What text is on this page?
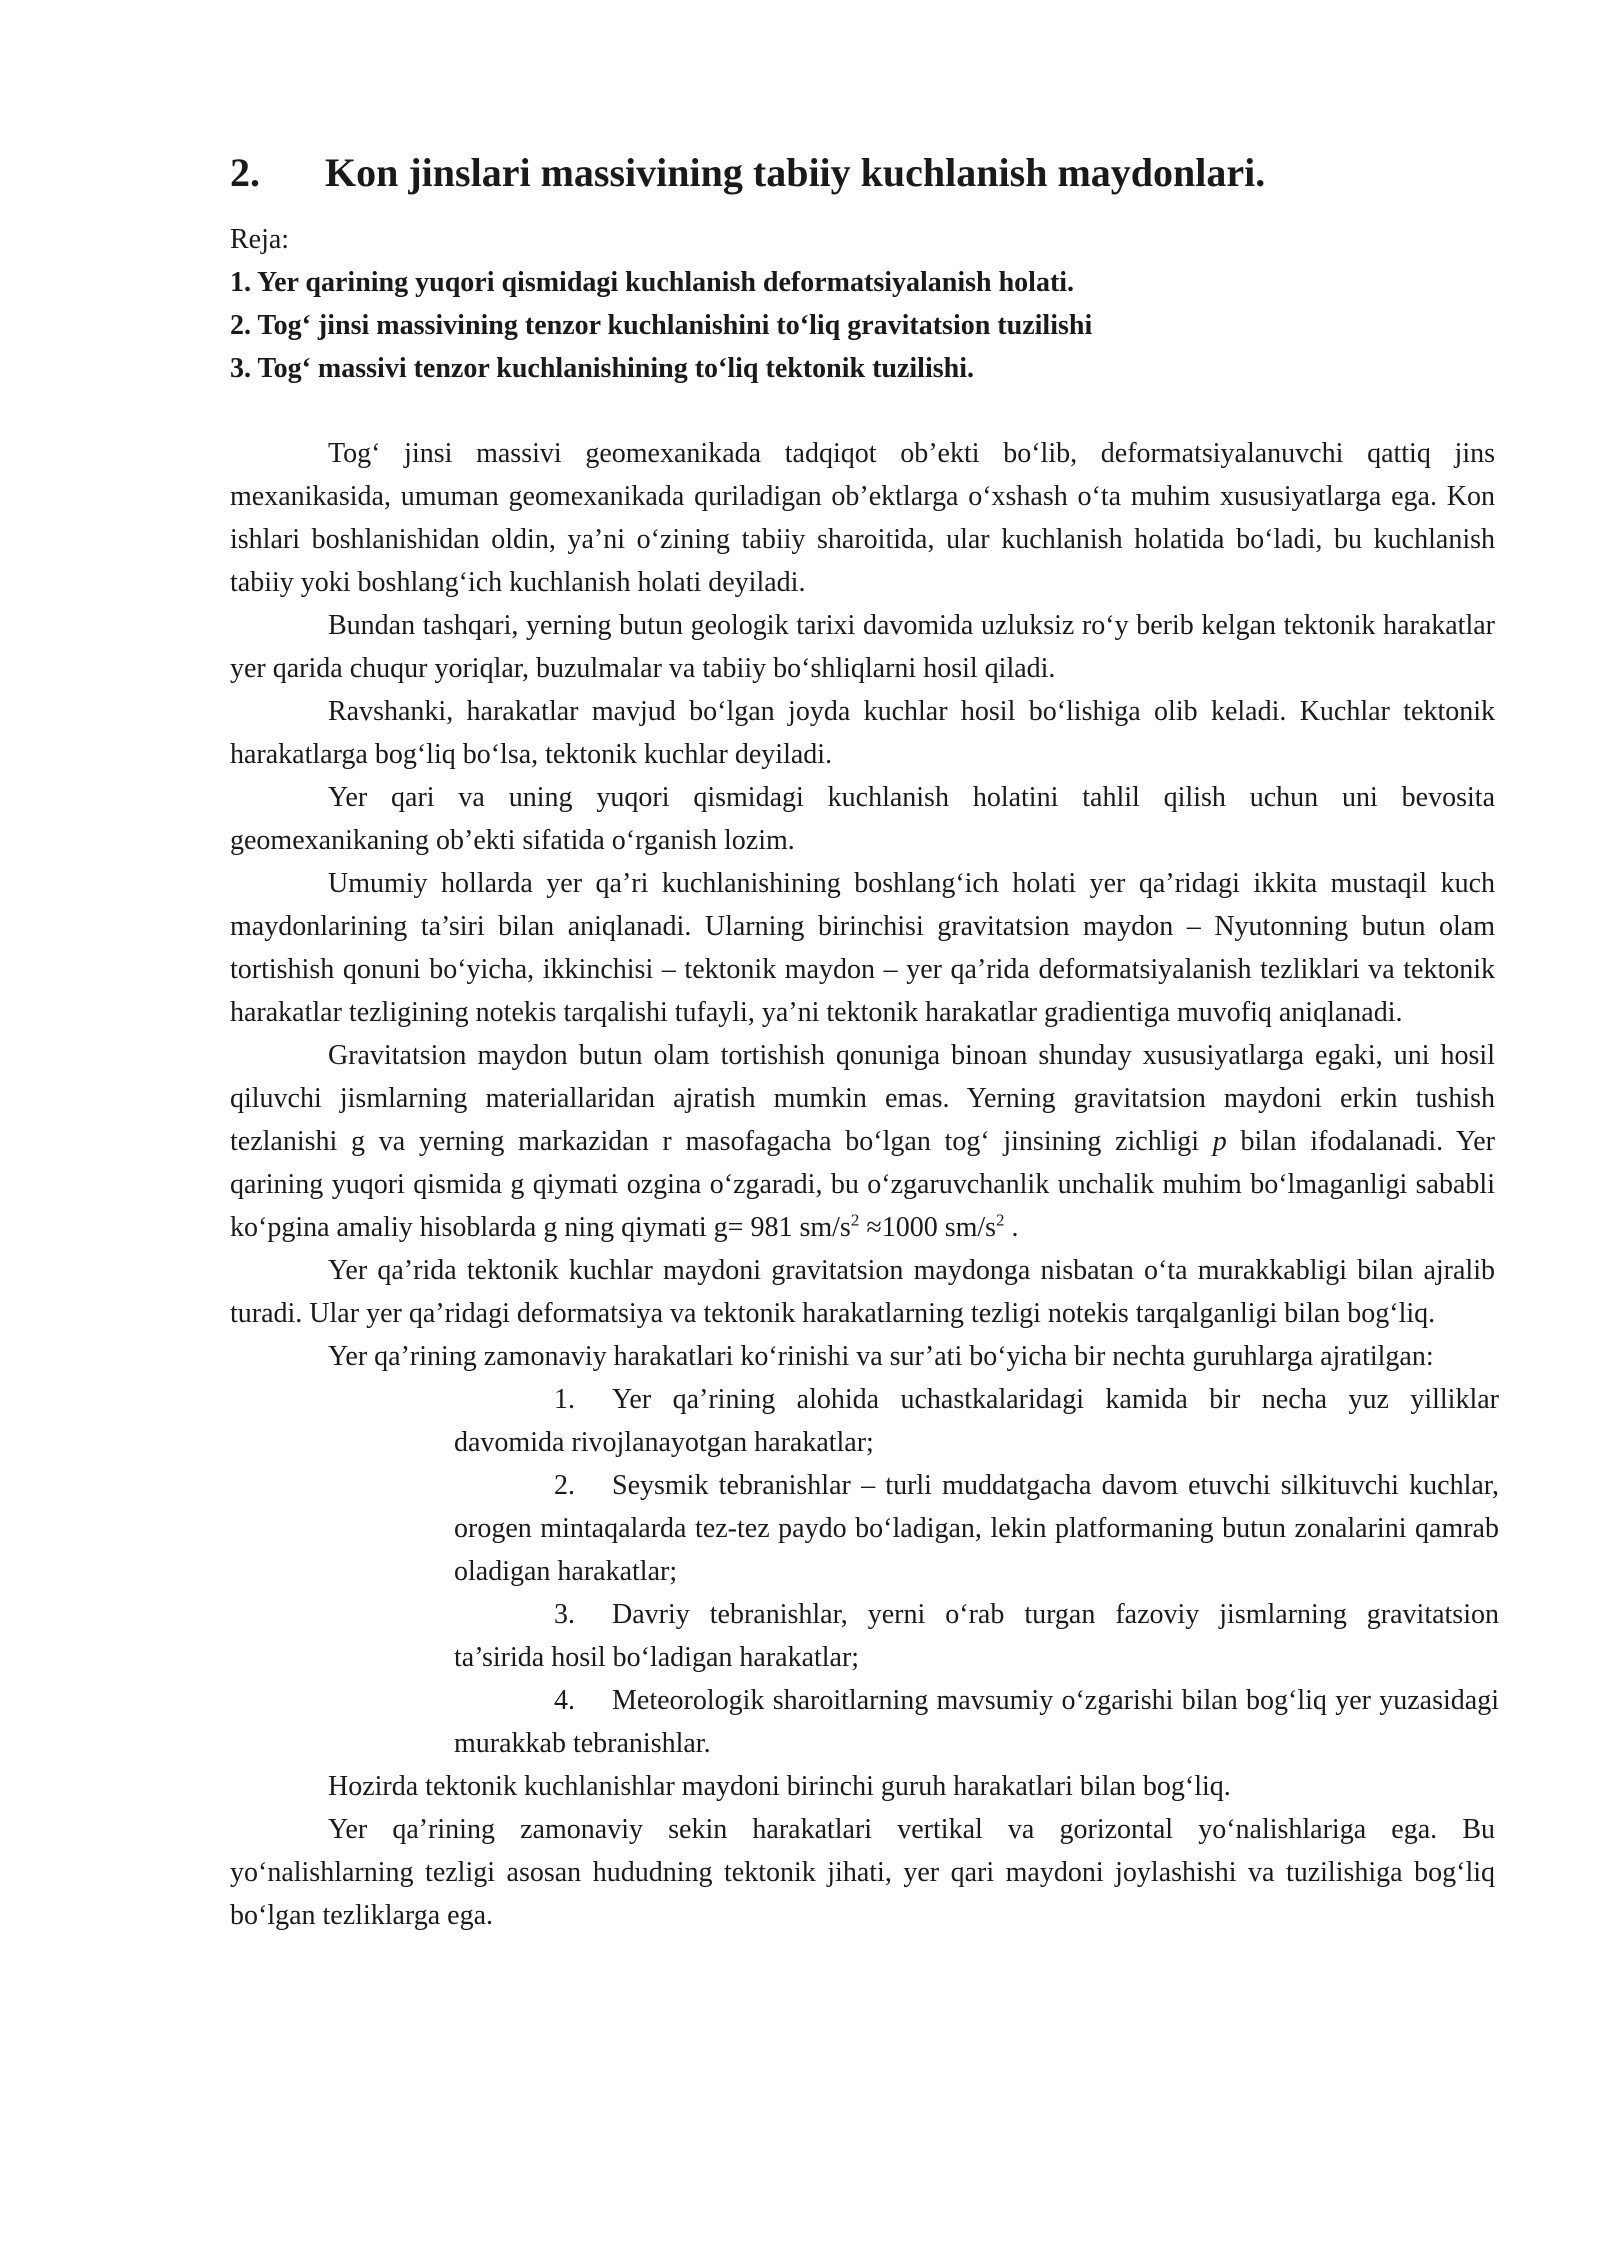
2.	Kon jinslari massivining tabiiy kuchlanish maydonlari.

Reja:

1. Yer qarining yuqori qismidagi kuchlanish deformatsiyalanish holati.
2. Tog‘ jinsi massivining tenzor kuchlanishini to‘liq gravitatsion tuzilishi
3. Tog‘ massivi tenzor kuchlanishining to‘liq tektonik tuzilishi.

Tog‘ jinsi massivi geomexanikada tadqiqot ob’ekti bo‘lib, deformatsiyalanuvchi qattiq jins mexanikasida, umuman geomexanikada quriladigan ob’ektlarga o‘xshash o‘ta muhim xususiyatlarga ega. Kon ishlari boshlanishidan oldin, ya’ni o‘zining tabiiy sharoitida, ular kuchlanish holatida bo‘ladi, bu kuchlanish tabiiy yoki boshlang‘ich kuchlanish holati deyiladi.

Bundan tashqari, yerning butun geologik tarixi davomida uzluksiz ro‘y berib kelgan tektonik harakatlar yer qarida chuqur yoriqlar, buzulmalar va tabiiy bo‘shliqlarni hosil qiladi.

Ravshanki, harakatlar mavjud bo‘lgan joyda kuchlar hosil bo‘lishiga olib keladi. Kuchlar tektonik harakatlarga bog‘liq bo‘lsa, tektonik kuchlar deyiladi.

Yer qari va uning yuqori qismidagi kuchlanish holatini tahlil qilish uchun uni bevosita geomexanikaning ob’ekti sifatida o‘rganish lozim.

Umumiy hollarda yer qa’ri kuchlanishining boshlang‘ich holati yer qa’ridagi ikkita mustaqil kuch maydonlarining ta’siri bilan aniqlanadi. Ularning birinchisi gravitatsion maydon – Nyutonning butun olam tortishish qonuni bo‘yicha, ikkinchisi – tektonik maydon – yer qa’rida deformatsiyalanish tezliklari va tektonik harakatlar tezligining notekis tarqalishi tufayli, ya’ni tektonik harakatlar gradientiga muvofiq aniqlanadi.

Gravitatsion maydon butun olam tortishish qonuniga binoan shunday xususiyatlarga egaki, uni hosil qiluvchi jismlarning materiallaridan ajratish mumkin emas. Yerning gravitatsion maydoni erkin tushish tezlanishi g va yerning markazidan r masofagacha bo‘lgan tog‘ jinsining zichligi p bilan ifodalanadi. Yer qarining yuqori qismida g qiymati ozgina o‘zgaradi, bu o‘zgaruvchanlik unchalik muhim bo‘lmaganligi sababli ko‘pgina amaliy hisoblarda g ning qiymati g= 981 $sm/s^2 \approx 1000$ $sm/s^2$ .

Yer qa’rida tektonik kuchlar maydoni gravitatsion maydonga nisbatan o‘ta murakkabligi bilan ajralib turadi. Ular yer qa’ridagi deformatsiya va tektonik harakatlarning tezligi notekis tarqalganligi bilan bog‘liq.

Yer qa’rining zamonaviy harakatlari ko‘rinishi va sur’ati bo‘yicha bir nechta guruhlarga ajratilgan:

1. Yer qa’rining alohida uchastkalaridagi kamida bir necha yuz yilliklar davomida rivojlanayotgan harakatlar;
2. Seysmik tebranishlar – turli muddatgacha davom etuvchi silkituvchi kuchlar, orogen mintaqalarda tez-tez paydo bo‘ladigan, lekin platformaning butun zonalarini qamrab oladigan harakatlar;
3. Davriy tebranishlar, yerni o‘rab turgan fazoviy jismlarning gravitatsion ta’sirida hosil bo‘ladigan harakatlar;
4. Meteorologik sharoitlarning mavsumiy o‘zgarishi bilan bog‘liq yer yuzasidagi murakkab tebranishlar.

Hozirda tektonik kuchlanishlar maydoni birinchi guruh harakatlari bilan bog‘liq.

Yer qa’rining zamonaviy sekin harakatlari vertikal va gorizontal yo‘nalishlariga ega. Bu yo‘nalishlarning tezligi asosan hududning tektonik jihati, yer qari maydoni joylashishi va tuzilishiga bog‘liq bo‘lgan tezliklarga ega.
